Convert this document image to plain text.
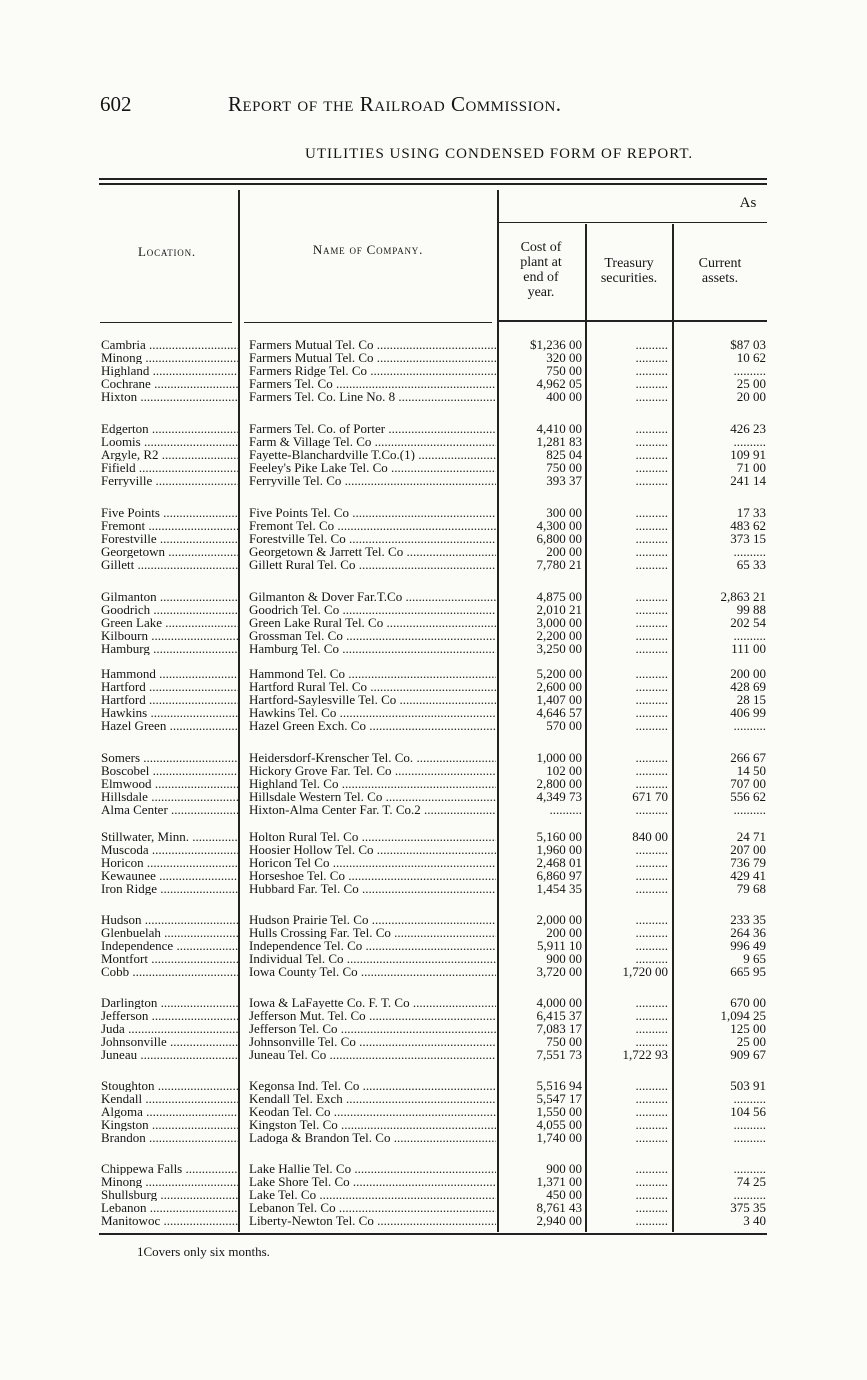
602	Report of the Railroad Commission.
UTILITIES USING CONDENSED FORM OF REPORT.
As
Location.	Name of Company.	Cost of
plant at
end of
year.
Treasury
securities.
Current
assets.
Cambria .....	Farmers Mutual Tel. Co .....	$1,236 00	..........	$87 03
Minong .....	Farmers Mutual Tel. Co .....	320 00	..........	10 62
Highland .....	Farmers Ridge Tel. Co .....	750 00	..........	..........
Cochrane .....	Farmers Tel. Co .....	4,962 05	..........	25 00
Hixton .....	Farmers Tel. Co. Line No. 8 .....	400 00	..........	20 00
Edgerton .....	Farmers Tel. Co. of Porter .....	4,410 00	..........	426 23
Loomis .....	Farm & Village Tel. Co .....	1,281 83	..........	..........
Argyle, R2 .....	Fayette-Blanchardville T.Co.(1) .....	825 04	..........	109 91
Fifield .....	Feeley's Pike Lake Tel. Co .....	750 00	..........	71 00
Ferryville .....	Ferryville Tel. Co .....	393 37	..........	241 14
Five Points .....	Five Points Tel. Co .....	300 00	..........	17 33
Fremont .....	Fremont Tel. Co .....	4,300 00	..........	483 62
Forestville .....	Forestville Tel. Co .....	6,800 00	..........	373 15
Georgetown .....	Georgetown & Jarrett Tel. Co .....	200 00	..........	..........
Gillett .....	Gillett Rural Tel. Co .....	7,780 21	..........	65 33
Gilmanton .....	Gilmanton & Dover Far.T.Co .....	4,875 00	..........	2,863 21
Goodrich .....	Goodrich Tel. Co .....	2,010 21	..........	99 88
Green Lake .....	Green Lake Rural Tel. Co .....	3,000 00	..........	202 54
Kilbourn .....	Grossman Tel. Co .....	2,200 00	..........	..........
Hamburg .....	Hamburg Tel. Co .....	3,250 00	..........	111 00
Hammond .....	Hammond Tel. Co .....	5,200 00	..........	200 00
Hartford .....	Hartford Rural Tel. Co .....	2,600 00	..........	428 69
Hartford .....	Hartford-Saylesville Tel. Co .....	1,407 00	..........	28 15
Hawkins .....	Hawkins Tel. Co .....	4,646 57	..........	406 99
Hazel Green .....	Hazel Green Exch. Co .....	570 00	..........	..........
Somers .....	Heidersdorf-Krenscher Tel. Co. .....	1,000 00	..........	266 67
Boscobel .....	Hickory Grove Far. Tel. Co .....	102 00	..........	14 50
Elmwood .....	Highland Tel. Co .....	2,800 00	..........	707 00
Hillsdale .....	Hillsdale Western Tel. Co .....	4,349 73	671 70	556 62
Alma Center .....	Hixton-Alma Center Far. T. Co.2 .....	..........	..........	..........
Stillwater, Minn. .....	Holton Rural Tel. Co .....	5,160 00	840 00	24 71
Muscoda .....	Hoosier Hollow Tel. Co .....	1,960 00	..........	207 00
Horicon .....	Horicon Tel Co .....	2,468 01	..........	736 79
Kewaunee .....	Horseshoe Tel. Co .....	6,860 97	..........	429 41
Iron Ridge .....	Hubbard Far. Tel. Co .....	1,454 35	..........	79 68
Hudson .....	Hudson Prairie Tel. Co .....	2,000 00	..........	233 35
Glenbuelah .....	Hulls Crossing Far. Tel. Co .....	200 00	..........	264 36
Independence .....	Independence Tel. Co .....	5,911 10	..........	996 49
Montfort .....	Individual Tel. Co .....	900 00	..........	9 65
Cobb .....	Iowa County Tel. Co .....	3,720 00	1,720 00	665 95
Darlington .....	Iowa & LaFayette Co. F. T. Co .....	4,000 00	..........	670 00
Jefferson .....	Jefferson Mut. Tel. Co .....	6,415 37	..........	1,094 25
Juda .....	Jefferson Tel. Co .....	7,083 17	..........	125 00
Johnsonville .....	Johnsonville Tel. Co .....	750 00	..........	25 00
Juneau .....	Juneau Tel. Co .....	7,551 73	1,722 93	909 67
Stoughton .....	Kegonsa Ind. Tel. Co .....	5,516 94	..........	503 91
Kendall .....	Kendall Tel. Exch .....	5,547 17	..........	..........
Algoma .....	Keodan Tel. Co .....	1,550 00	..........	104 56
Kingston .....	Kingston Tel. Co .....	4,055 00	..........	..........
Brandon .....	Ladoga & Brandon Tel. Co .....	1,740 00	..........	..........
Chippewa Falls .....	Lake Hallie Tel. Co .....	900 00	..........	..........
Minong .....	Lake Shore Tel. Co .....	1,371 00	..........	74 25
Shullsburg .....	Lake Tel. Co .....	450 00	..........	..........
Lebanon .....	Lebanon Tel. Co .....	8,761 43	..........	375 35
Manitowoc .....	Liberty-Newton Tel. Co .....	2,940 00	..........	3 40
1Covers only six months.
